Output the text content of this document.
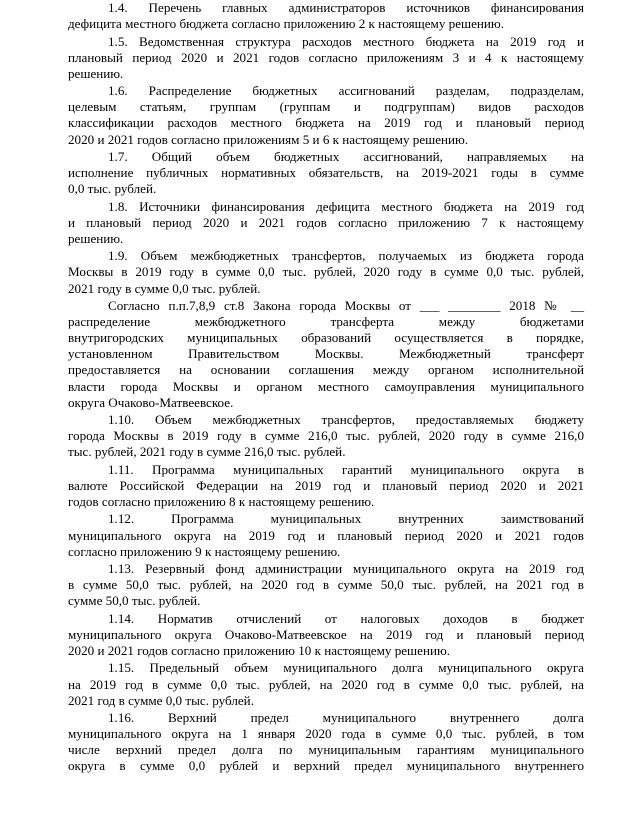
1.4. Перечень главных администраторов источников финансирования
дефицита местного бюджета согласно приложению 2 к настоящему решению.
1.5. Ведомственная структура расходов местного бюджета на 2019 год и
плановый период 2020 и 2021 годов согласно приложениям 3 и 4 к настоящему
решению.
1.6. Распределение бюджетных ассигнований разделам, подразделам,
целевым статьям, группам (группам и подгруппам) видов расходов
классификации расходов местного бюджета на 2019 год и плановый период
2020 и 2021 годов согласно приложениям 5 и 6 к настоящему решению.
1.7. Общий объем бюджетных ассигнований, направляемых на
исполнение публичных нормативных обязательств, на 2019-2021 годы в сумме
0,0 тыс. рублей.
1.8. Источники финансирования дефицита местного бюджета на 2019 год
и плановый период 2020 и 2021 годов согласно приложению 7 к настоящему
решению.
1.9. Объем межбюджетных трансфертов, получаемых из бюджета города
Москвы в 2019 году в сумме 0,0 тыс. рублей, 2020 году в сумме 0,0 тыс. рублей,
2021 году в сумме 0,0 тыс. рублей.
Согласно п.п.7,8,9 ст.8 Закона города Москвы от ___ ________ 2018 № __
распределение межбюджетного трансферта между бюджетами
внутригородских муниципальных образований осуществляется в порядке,
установленном Правительством Москвы. Межбюджетный трансферт
предоставляется на основании соглашения между органом исполнительной
власти города Москвы и органом местного самоуправления муниципального
округа Очаково-Матвеевское.
1.10. Объем межбюджетных трансфертов, предоставляемых бюджету
города Москвы в 2019 году в сумме 216,0 тыс. рублей, 2020 году в сумме 216,0
тыс. рублей, 2021 году в сумме 216,0 тыс. рублей.
1.11. Программа муниципальных гарантий муниципального округа в
валюте Российской Федерации на 2019 год и плановый период 2020 и 2021
годов согласно приложению 8 к настоящему решению.
1.12. Программа муниципальных внутренних заимствований
муниципального округа на 2019 год и плановый период 2020 и 2021 годов
согласно приложению 9 к настоящему решению.
1.13. Резервный фонд администрации муниципального округа на 2019 год
в сумме 50,0 тыс. рублей, на 2020 год в сумме 50,0 тыс. рублей, на 2021 год в
сумме 50,0 тыс. рублей.
1.14. Норматив отчислений от налоговых доходов в бюджет
муниципального округа Очаково-Матвеевское на 2019 год и плановый период
2020 и 2021 годов согласно приложению 10 к настоящему решению.
1.15. Предельный объем муниципального долга муниципального округа
на 2019 год в сумме 0,0 тыс. рублей, на 2020 год в сумме 0,0 тыс. рублей, на
2021 год в сумме 0,0 тыс. рублей.
1.16. Верхний предел муниципального внутреннего долга
муниципального округа на 1 января 2020 года в сумме 0,0 тыс. рублей, в том
числе верхний предел долга по муниципальным гарантиям муниципального
округа в сумме 0,0 рублей и верхний предел муниципального внутреннего
